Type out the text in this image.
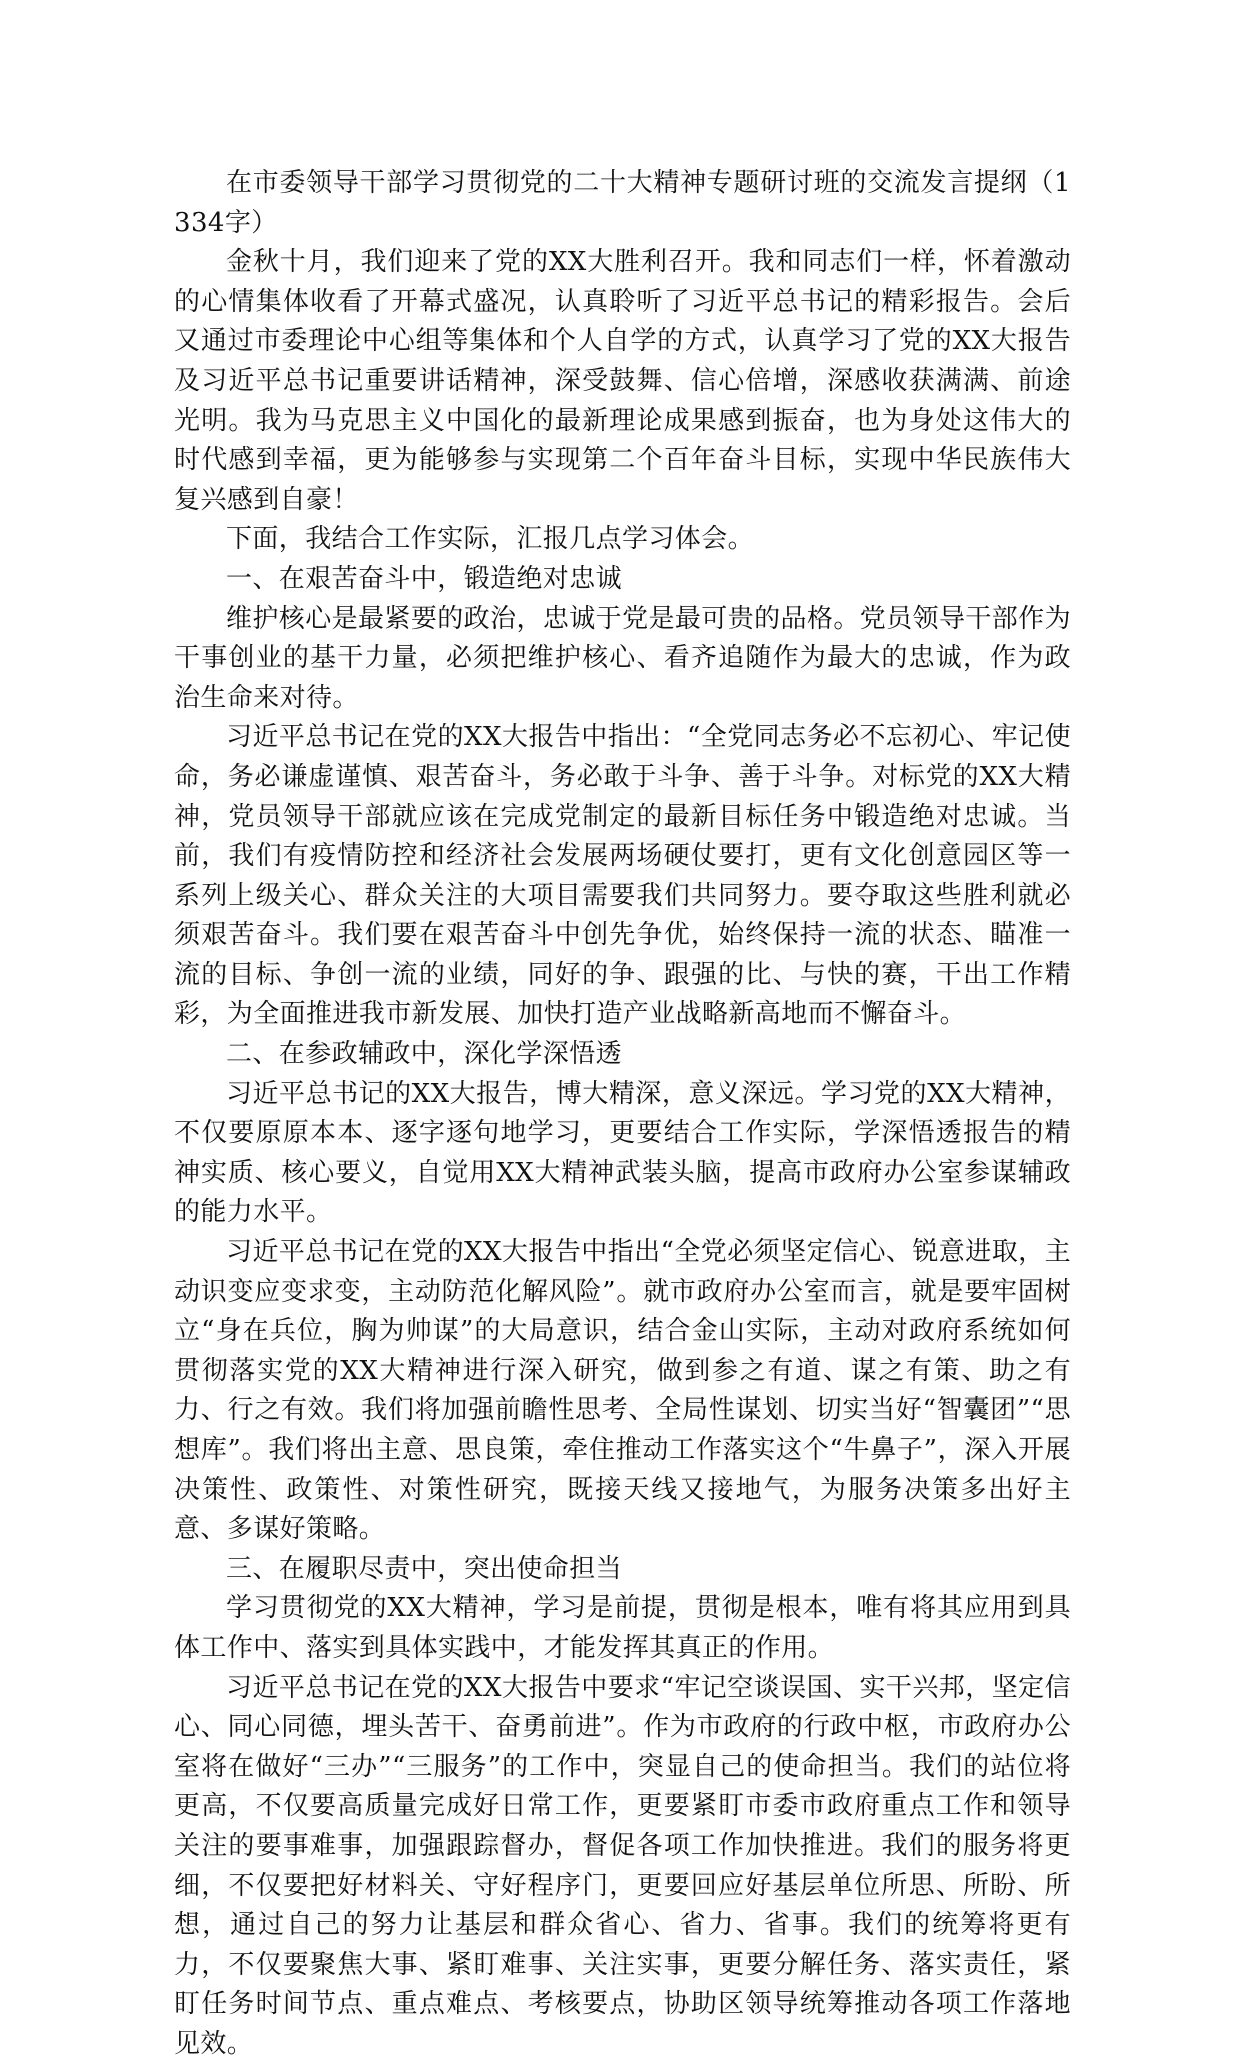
在市委领导干部学习贯彻党的二十大精神专题研讨班的交流发言提纲（1334字）

金秋十月，我们迎来了党的XX大胜利召开。我和同志们一样，怀着激动的心情集体收看了开幕式盛况，认真聆听了习近平总书记的精彩报告。会后又通过市委理论中心组等集体和个人自学的方式，认真学习了党的XX大报告及习近平总书记重要讲话精神，深受鼓舞、信心倍增，深感收获满满、前途光明。我为马克思主义中国化的最新理论成果感到振奋，也为身处这伟大的时代感到幸福，更为能够参与实现第二个百年奋斗目标，实现中华民族伟大复兴感到自豪！

下面，我结合工作实际，汇报几点学习体会。

一、在艰苦奋斗中，锻造绝对忠诚

维护核心是最紧要的政治，忠诚于党是最可贵的品格。党员领导干部作为干事创业的基干力量，必须把维护核心、看齐追随作为最大的忠诚，作为政治生命来对待。

习近平总书记在党的XX大报告中指出：“全党同志务必不忘初心、牢记使命，务必谦虚谨慎、艰苦奋斗，务必敢于斗争、善于斗争。对标党的XX大精神，党员领导干部就应该在完成党制定的最新目标任务中锻造绝对忠诚。当前，我们有疫情防控和经济社会发展两场硬仗要打，更有文化创意园区等一系列上级关心、群众关注的大项目需要我们共同努力。要夺取这些胜利就必须艰苦奋斗。我们要在艰苦奋斗中创先争优，始终保持一流的状态、瞄准一流的目标、争创一流的业绩，同好的争、跟强的比、与快的赛，干出工作精彩，为全面推进我市新发展、加快打造产业战略新高地而不懈奋斗。

二、在参政辅政中，深化学深悟透

习近平总书记的XX大报告，博大精深，意义深远。学习党的XX大精神，不仅要原原本本、逐字逐句地学习，更要结合工作实际，学深悟透报告的精神实质、核心要义，自觉用XX大精神武装头脑，提高市政府办公室参谋辅政的能力水平。

习近平总书记在党的XX大报告中指出“全党必须坚定信心、锐意进取，主动识变应变求变，主动防范化解风险”。就市政府办公室而言，就是要牢固树立“身在兵位，胸为帅谋”的大局意识，结合金山实际，主动对政府系统如何贯彻落实党的XX大精神进行深入研究，做到参之有道、谋之有策、助之有力、行之有效。我们将加强前瞻性思考、全局性谋划、切实当好“智囊团”“思想库”。我们将出主意、思良策，牵住推动工作落实这个“牛鼻子”，深入开展决策性、政策性、对策性研究，既接天线又接地气，为服务决策多出好主意、多谋好策略。

三、在履职尽责中，突出使命担当

学习贯彻党的XX大精神，学习是前提，贯彻是根本，唯有将其应用到具体工作中、落实到具体实践中，才能发挥其真正的作用。

习近平总书记在党的XX大报告中要求“牢记空谈误国、实干兴邦，坚定信心、同心同德，埋头苦干、奋勇前进”。作为市政府的行政中枢，市政府办公室将在做好“三办”“三服务”的工作中，突显自己的使命担当。我们的站位将更高，不仅要高质量完成好日常工作，更要紧盯市委市政府重点工作和领导关注的要事难事，加强跟踪督办，督促各项工作加快推进。我们的服务将更细，不仅要把好材料关、守好程序门，更要回应好基层单位所思、所盼、所想，通过自己的努力让基层和群众省心、省力、省事。我们的统筹将更有力，不仅要聚焦大事、紧盯难事、关注实事，更要分解任务、落实责任，紧盯任务时间节点、重点难点、考核要点，协助区领导统筹推动各项工作落地见效。
